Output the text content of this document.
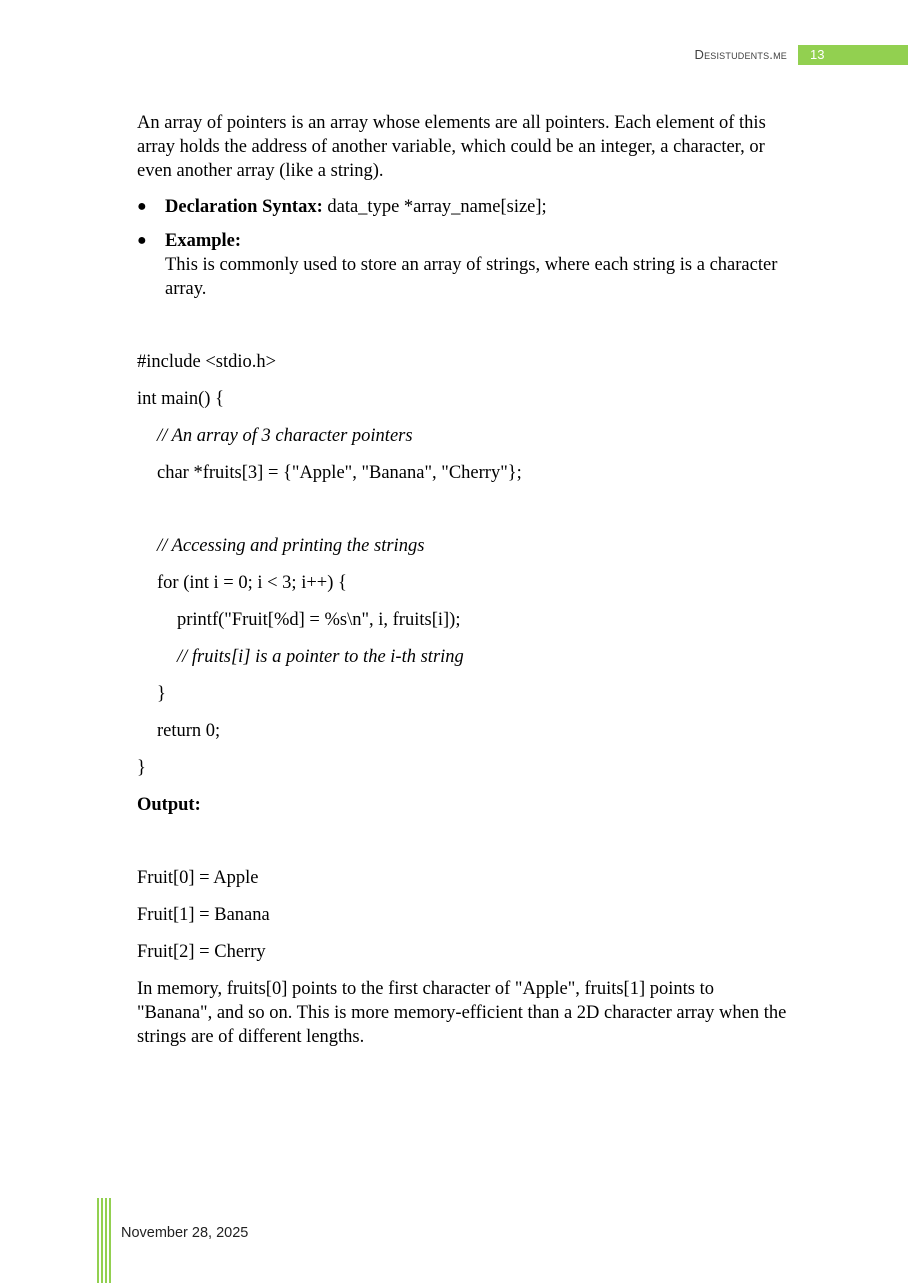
Desistudents.me	13

An array of pointers is an array whose elements are all pointers. Each element of this array holds the address of another variable, which could be an integer, a character, or even another array (like a string).

● Declaration Syntax: data_type *array_name[size];
● Example:
This is commonly used to store an array of strings, where each string is a character array.
#include <stdio.h>
int main() {
// An array of 3 character pointers
char *fruits[3] = {"Apple", "Banana", "Cherry"};
// Accessing and printing the strings
for (int i = 0; i < 3; i++) {
printf("Fruit[%d] = %s\n", i, fruits[i]);
// fruits[i] is a pointer to the i-th string
}
return 0;
}
Output:
Fruit[0] = Apple
Fruit[1] = Banana
Fruit[2] = Cherry

In memory, fruits[0] points to the first character of "Apple", fruits[1] points to "Banana", and so on. This is more memory-efficient than a 2D character array when the strings are of different lengths.

November 28, 2025
